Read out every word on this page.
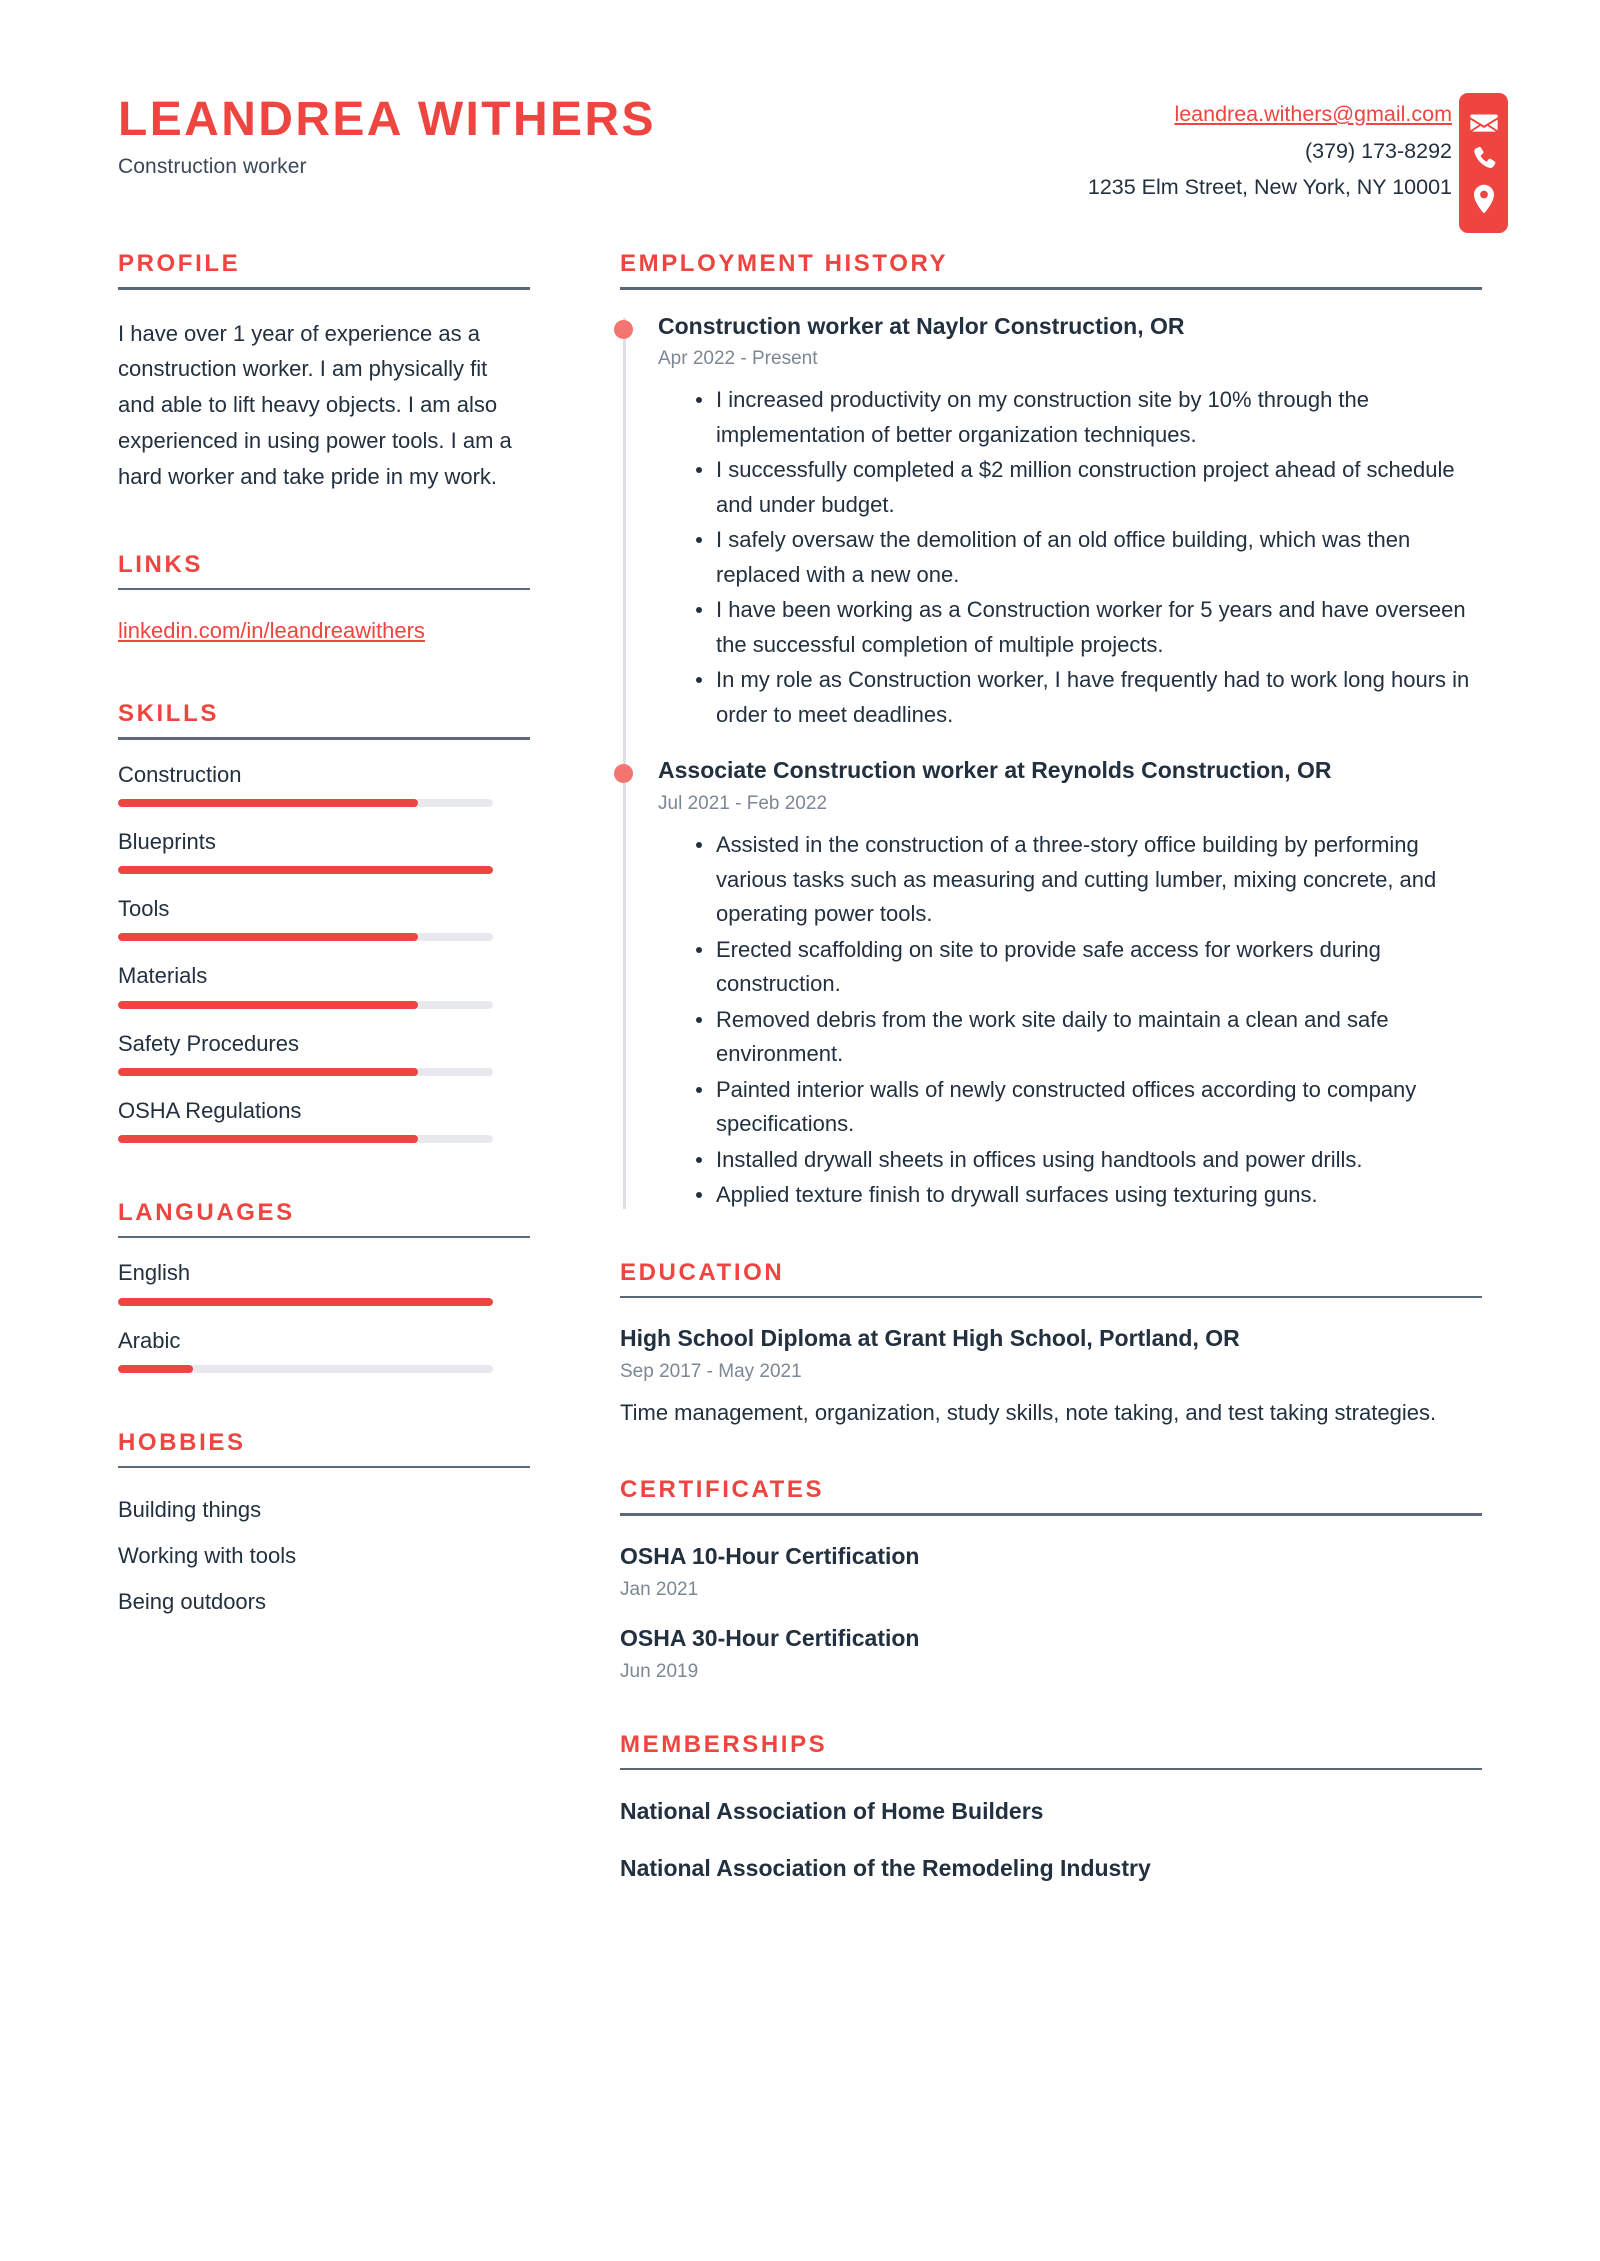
LEANDREA WITHERS
Construction worker
leandrea.withers@gmail.com
(379) 173-8292
1235 Elm Street, New York, NY 10001
PROFILE
I have over 1 year of experience as a construction worker. I am physically fit and able to lift heavy objects. I am also experienced in using power tools. I am a hard worker and take pride in my work.
LINKS
linkedin.com/in/leandreawithers
SKILLS
Construction
Blueprints
Tools
Materials
Safety Procedures
OSHA Regulations
LANGUAGES
English
Arabic
HOBBIES
Building things
Working with tools
Being outdoors
EMPLOYMENT HISTORY
Construction worker at Naylor Construction, OR
Apr 2022 - Present
I increased productivity on my construction site by 10% through the implementation of better organization techniques.
I successfully completed a $2 million construction project ahead of schedule and under budget.
I safely oversaw the demolition of an old office building, which was then replaced with a new one.
I have been working as a Construction worker for 5 years and have overseen the successful completion of multiple projects.
In my role as Construction worker, I have frequently had to work long hours in order to meet deadlines.
Associate Construction worker at Reynolds Construction, OR
Jul 2021 - Feb 2022
Assisted in the construction of a three-story office building by performing various tasks such as measuring and cutting lumber, mixing concrete, and operating power tools.
Erected scaffolding on site to provide safe access for workers during construction.
Removed debris from the work site daily to maintain a clean and safe environment.
Painted interior walls of newly constructed offices according to company specifications.
Installed drywall sheets in offices using handtools and power drills.
Applied texture finish to drywall surfaces using texturing guns.
EDUCATION
High School Diploma at Grant High School, Portland, OR
Sep 2017 - May 2021
Time management, organization, study skills, note taking, and test taking strategies.
CERTIFICATES
OSHA 10-Hour Certification
Jan 2021
OSHA 30-Hour Certification
Jun 2019
MEMBERSHIPS
National Association of Home Builders
National Association of the Remodeling Industry
